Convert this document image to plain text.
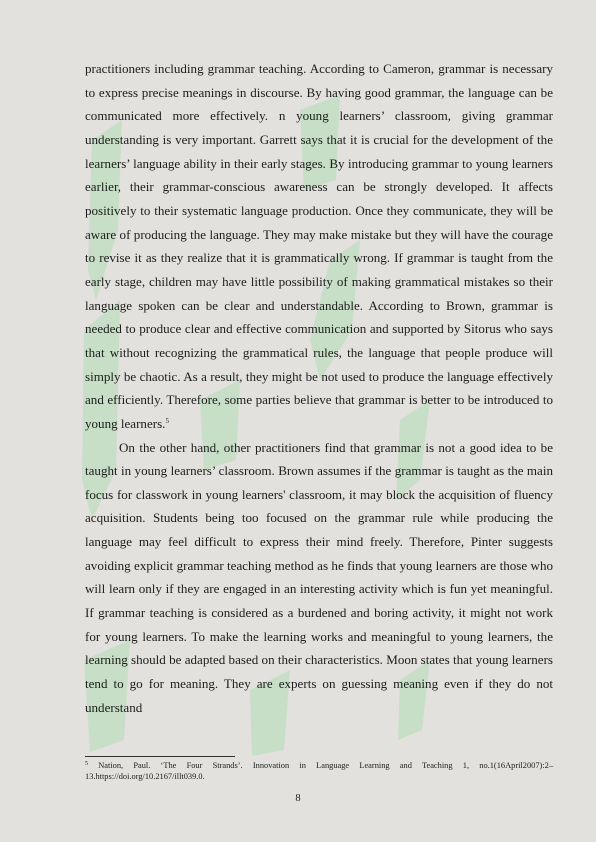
practitioners including grammar teaching. According to Cameron, grammar is necessary to express precise meanings in discourse. By having good grammar, the language can be communicated more effectively. n young learners’ classroom, giving grammar understanding is very important. Garrett says that it is crucial for the development of the learners’ language ability in their early stages. By introducing grammar to young learners earlier, their grammar-conscious awareness can be strongly developed. It affects positively to their systematic language production. Once they communicate, they will be aware of producing the language. They may make mistake but they will have the courage to revise it as they realize that it is grammatically wrong. If grammar is taught from the early stage, children may have little possibility of making grammatical mistakes so their language spoken can be clear and understandable. According to Brown, grammar is needed to produce clear and effective communication and supported by Sitorus who says that without recognizing the grammatical rules, the language that people produce will simply be chaotic. As a result, they might be not used to produce the language effectively and efficiently. Therefore, some parties believe that grammar is better to be introduced to young learners.$^5$

On the other hand, other practitioners find that grammar is not a good idea to be taught in young learners’ classroom. Brown assumes if the grammar is taught as the main focus for classwork in young learners' classroom, it may block the acquisition of fluency acquisition. Students being too focused on the grammar rule while producing the language may feel difficult to express their mind freely. Therefore, Pinter suggests avoiding explicit grammar teaching method as he finds that young learners are those who will learn only if they are engaged in an interesting activity which is fun yet meaningful. If grammar teaching is considered as a burdened and boring activity, it might not work for young learners. To make the learning works and meaningful to young learners, the learning should be adapted based on their characteristics. Moon states that young learners tend to go for meaning. They are experts on guessing meaning even if they do not understand

$^5$ Nation, Paul. ‘The Four Strands’. Innovation in Language Learning and Teaching 1, no.1(16April2007):2–13.https://doi.org/10.2167/illt039.0.
8
